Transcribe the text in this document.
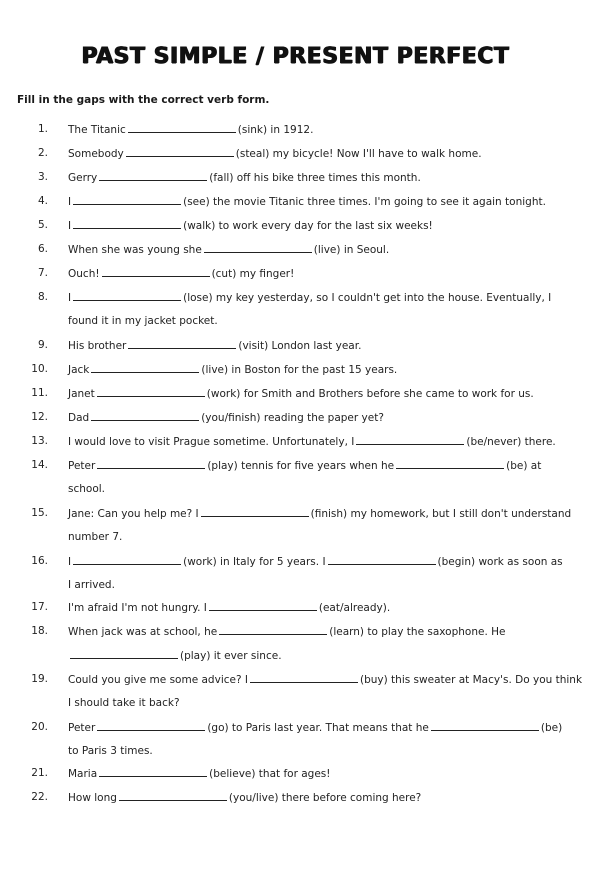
PAST SIMPLE / PRESENT PERFECT
Fill in the gaps with the correct verb form.
1. The Titanic	(sink) in 1912.
2. Somebody	(steal) my bicycle! Now I'll have to walk home.
3. Gerry	(fall) off his bike three times this month.
4. I	(see) the movie Titanic three times. I'm going to see it again tonight.
5. I	(walk) to work every day for the last six weeks!
6. When she was young she	(live) in Seoul.
7. Ouch!	(cut) my finger!
found it in my jacket pocket.
8. I	(lose) my key yesterday, so I couldn't get into the house. Eventually, I
9. His brother	(visit) London last year.
10. Jack	(live) in Boston for the past 15 years.
11. Janet	(work) for Smith and Brothers before she came to work for us.
12. Dad	(you/finish) reading the paper yet?
13. I would love to visit Prague sometime. Unfortunately, I	(be/never) there.
school.
14. Peter	(play) tennis for five years when he	(be) at
number 7.
15. Jane: Can you help me? I	(finish) my homework, but I still don't understand
I arrived.
16. I	(work) in Italy for 5 years. I	(begin) work as soon as
17. I'm afraid I'm not hungry. I	(eat/already).
(play) it ever since.
18. When jack was at school, he	(learn) to play the saxophone. He
I should take it back?
19. Could you give me some advice? I	(buy) this sweater at Macy's. Do you think
to Paris 3 times.
20. Peter	(go) to Paris last year. That means that he	(be)
21. Maria	(believe) that for ages!
22. How long	(you/live) there before coming here?
